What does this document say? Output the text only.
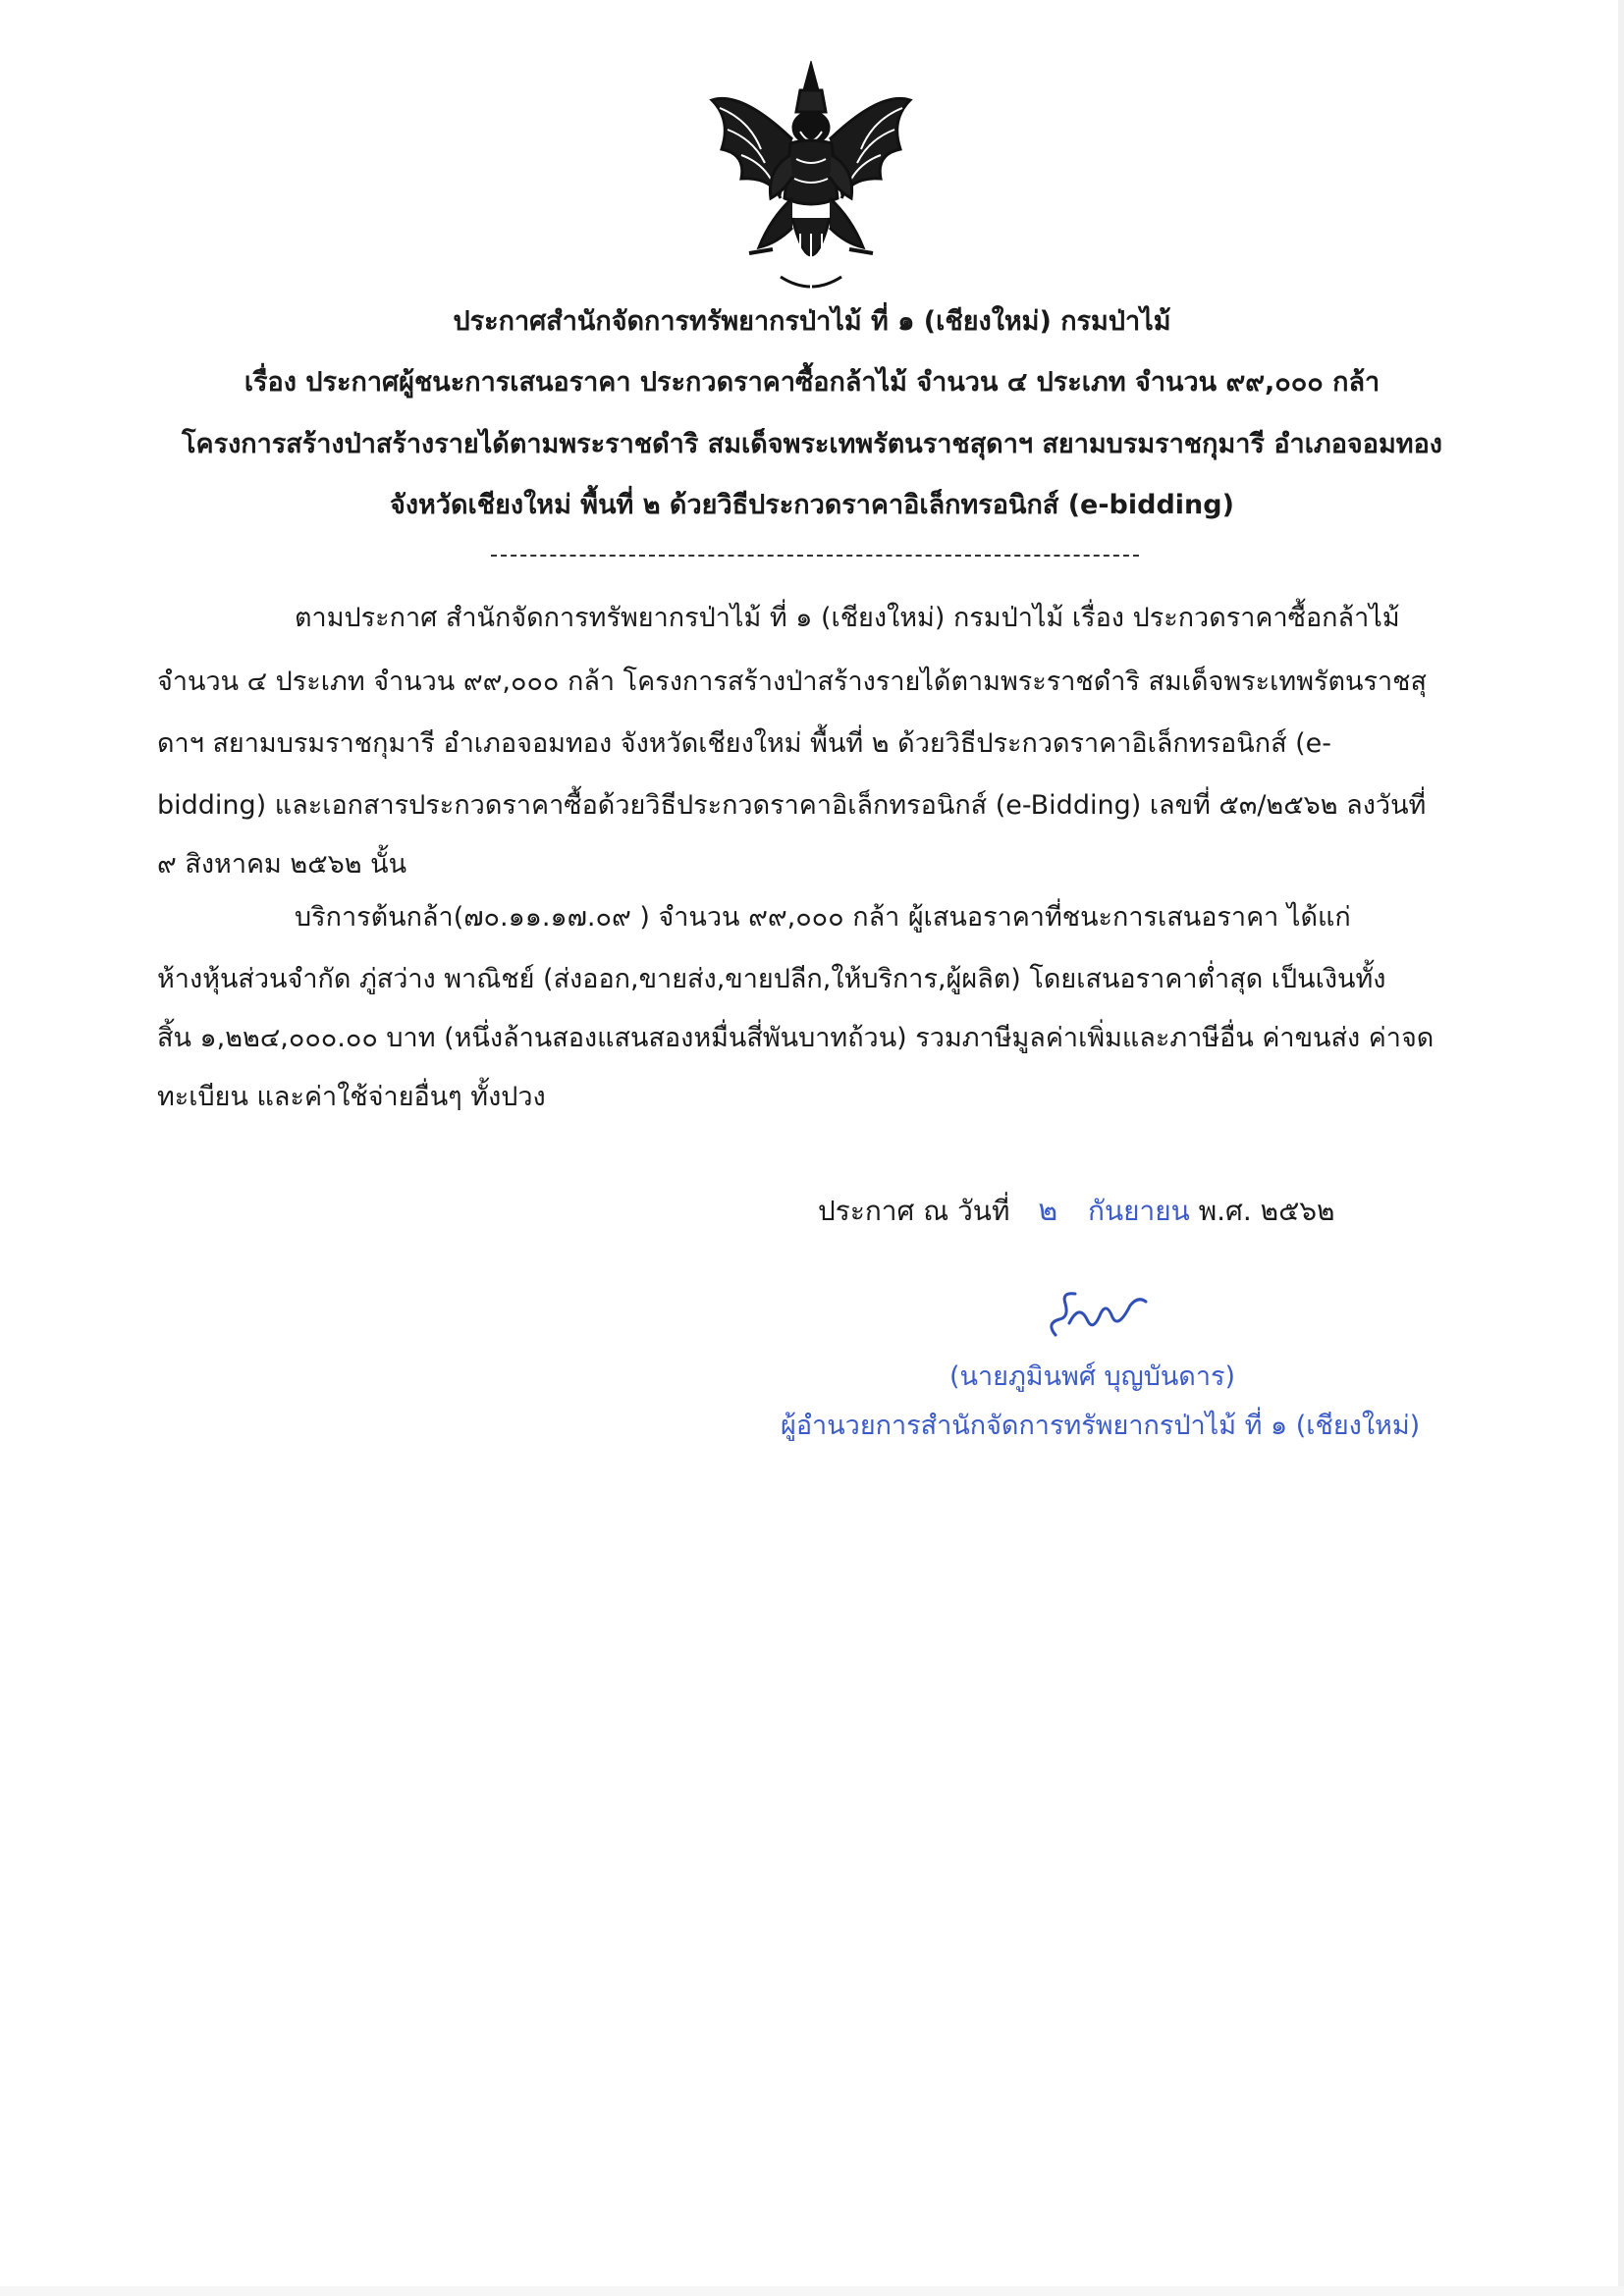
ประกาศสำนักจัดการทรัพยากรป่าไม้ ที่ ๑ (เชียงใหม่) กรมป่าไม้
เรื่อง ประกาศผู้ชนะการเสนอราคา ประกวดราคาซื้อกล้าไม้ จำนวน ๔ ประเภท จำนวน ๙๙,๐๐๐ กล้า
โครงการสร้างป่าสร้างรายได้ตามพระราชดำริ สมเด็จพระเทพรัตนราชสุดาฯ สยามบรมราชกุมารี อำเภอจอมทอง
จังหวัดเชียงใหม่ พื้นที่ ๒ ด้วยวิธีประกวดราคาอิเล็กทรอนิกส์ (e-bidding)
ตามประกาศ สำนักจัดการทรัพยากรป่าไม้ ที่ ๑ (เชียงใหม่) กรมป่าไม้ เรื่อง ประกวดราคาซื้อกล้าไม้
จำนวน ๔ ประเภท จำนวน ๙๙,๐๐๐ กล้า โครงการสร้างป่าสร้างรายได้ตามพระราชดำริ สมเด็จพระเทพรัตนราชสุ
ดาฯ สยามบรมราชกุมารี อำเภอจอมทอง จังหวัดเชียงใหม่ พื้นที่ ๒ ด้วยวิธีประกวดราคาอิเล็กทรอนิกส์ (e-
bidding) และเอกสารประกวดราคาซื้อด้วยวิธีประกวดราคาอิเล็กทรอนิกส์ (e-Bidding) เลขที่ ๕๓/๒๕๖๒ ลงวันที่
๙ สิงหาคม ๒๕๖๒ นั้น
บริการต้นกล้า(๗๐.๑๑.๑๗.๐๙ ) จำนวน ๙๙,๐๐๐ กล้า ผู้เสนอราคาที่ชนะการเสนอราคา ได้แก่
ห้างหุ้นส่วนจำกัด ภู่สว่าง พาณิชย์ (ส่งออก,ขายส่ง,ขายปลีก,ให้บริการ,ผู้ผลิต) โดยเสนอราคาต่ำสุด เป็นเงินทั้ง
สิ้น ๑,๒๒๔,๐๐๐.๐๐ บาท (หนึ่งล้านสองแสนสองหมื่นสี่พันบาทถ้วน) รวมภาษีมูลค่าเพิ่มและภาษีอื่น ค่าขนส่ง ค่าจด
ทะเบียน และค่าใช้จ่ายอื่นๆ ทั้งปวง
ประกาศ ณ วันที่ ๒ กันยายน พ.ศ. ๒๕๖๒
(นายภูมินพศ์ บุญบันดาร)
ผู้อำนวยการสำนักจัดการทรัพยากรป่าไม้ ที่ ๑ (เชียงใหม่)
